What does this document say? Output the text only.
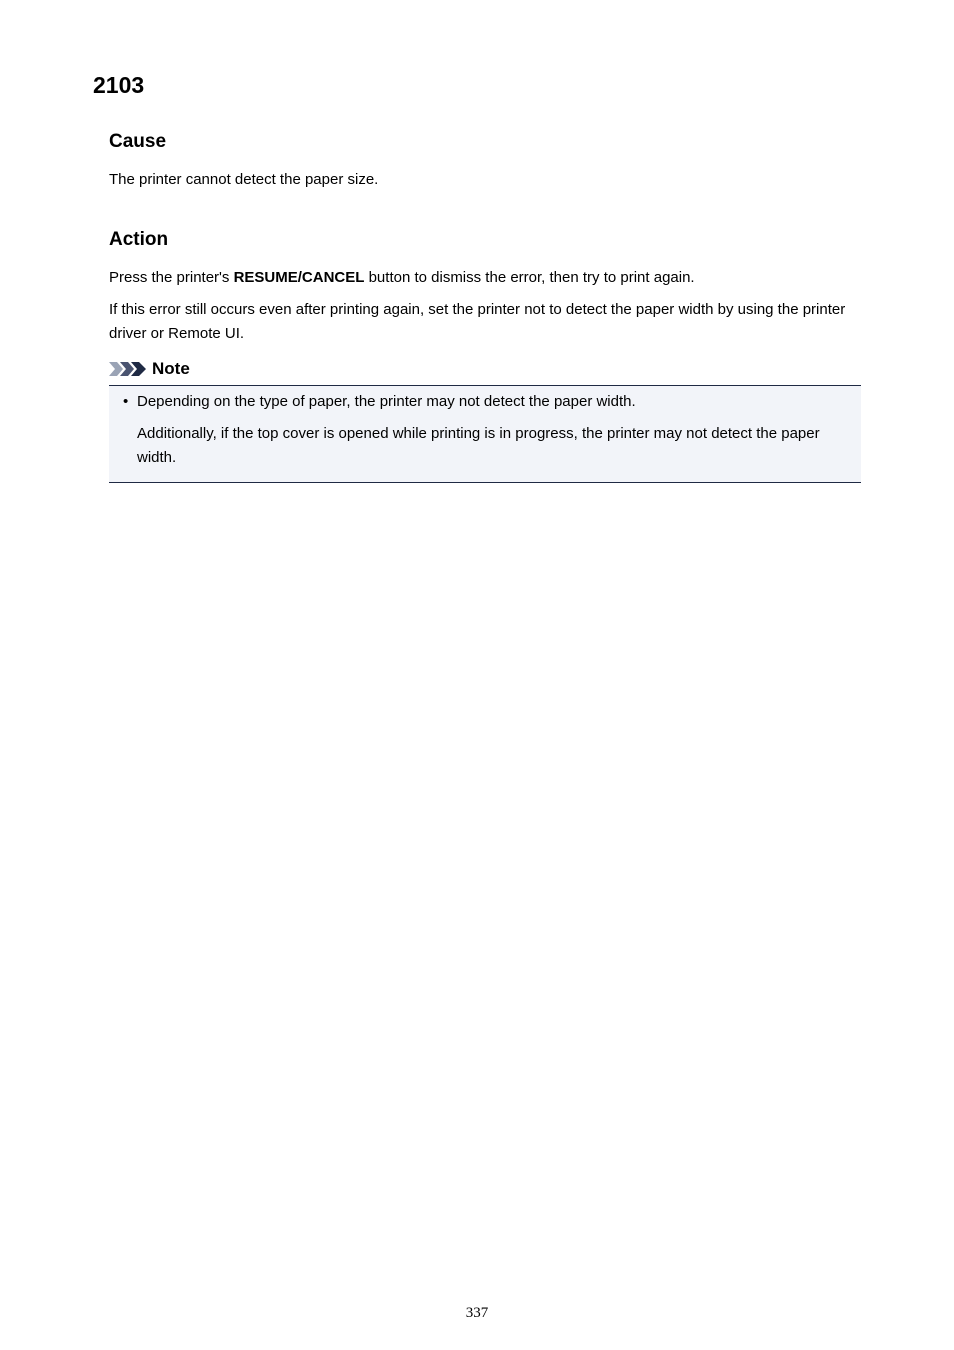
2103
Cause

The printer cannot detect the paper size.

Action

Press the printer's RESUME/CANCEL button to dismiss the error, then try to print again.

If this error still occurs even after printing again, set the printer not to detect the paper width by using the printer driver or Remote UI.

Note
• Depending on the type of paper, the printer may not detect the paper width.

Additionally, if the top cover is opened while printing is in progress, the printer may not detect the paper width.

337
